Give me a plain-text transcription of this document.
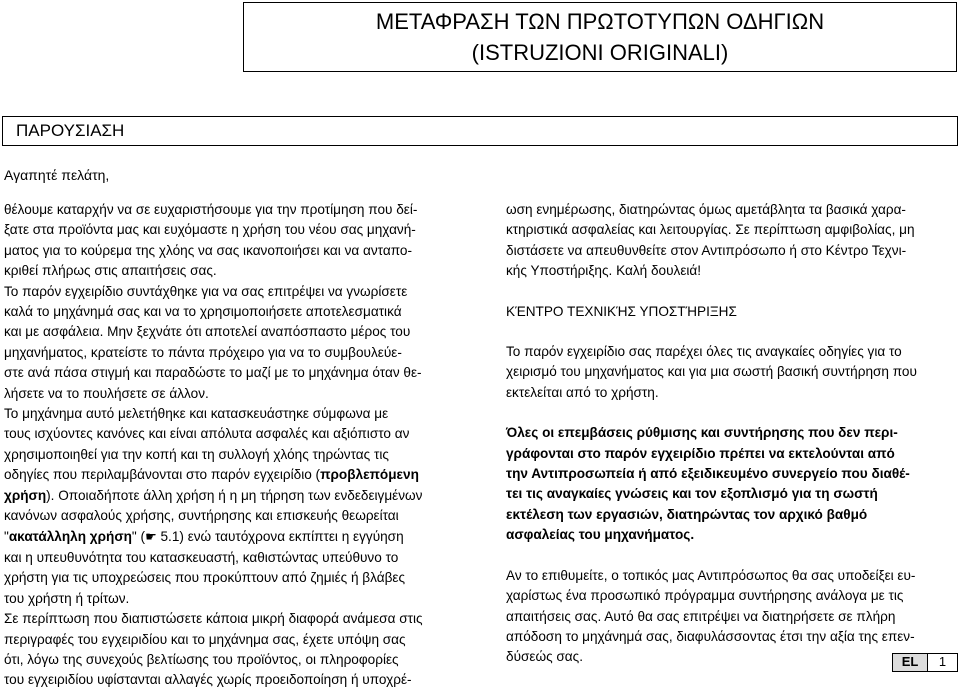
ΜΕΤΑΦΡΑΣΗ ΤΩΝ ΠΡΩΤΟΤΥΠΩΝ ΟΔΗΓΙΩΝ
(ISTRUZIONI ORIGINALI)
ΠΑΡΟΥΣΙΑΣΗ
Αγαπητέ πελάτη,

θέλουμε καταρχήν να σε ευχαριστήσουμε για την προτίμηση που δεί-
ξατε στα προϊόντα μας και ευχόμαστε η χρήση του νέου σας μηχανή-
ματος για το κούρεμα της χλόης να σας ικανοποιήσει και να ανταπο-
κριθεί πλήρως στις απαιτήσεις σας.

Το παρόν εγχειρίδιο συντάχθηκε για να σας επιτρέψει να γνωρίσετε
καλά το μηχάνημά σας και να το χρησιμοποιήσετε αποτελεσματικά
και με ασφάλεια. Μην ξεχνάτε ότι αποτελεί αναπόσπαστο μέρος του
μηχανήματος, κρατείστε το πάντα πρόχειρο για να το συμβουλεύε-
στε ανά πάσα στιγμή και παραδώστε το μαζί με το μηχάνημα όταν θε-
λήσετε να το πουλήσετε σε άλλον.

Το μηχάνημα αυτό μελετήθηκε και κατασκευάστηκε σύμφωνα με
τους ισχύοντες κανόνες και είναι απόλυτα ασφαλές και αξιόπιστο αν
χρησιμοποιηθεί για την κοπή και τη συλλογή χλόης τηρώντας τις
οδηγίες που περιλαμβάνονται στο παρόν εγχειρίδιο (προβλεπόμενη
χρήση). Οποιαδήποτε άλλη χρήση ή η μη τήρηση των ενδεδειγμένων
κανόνων ασφαλούς χρήσης, συντήρησης και επισκευής θεωρείται
"ακατάλληλη χρήση" (☛ 5.1) ενώ ταυτόχρονα εκπίπτει η εγγύηση
και η υπευθυνότητα του κατασκευαστή, καθιστώντας υπεύθυνο το
χρήστη για τις υποχρεώσεις που προκύπτουν από ζημιές ή βλάβες
του χρήστη ή τρίτων.

Σε περίπτωση που διαπιστώσετε κάποια μικρή διαφορά ανάμεσα στις
περιγραφές του εγχειριδίου και το μηχάνημα σας, έχετε υπόψη σας
ότι, λόγω της συνεχούς βελτίωσης του προϊόντος, οι πληροφορίες
του εγχειριδίου υφίστανται αλλαγές χωρίς προειδοποίηση ή υποχρέ-

ωση ενημέρωσης, διατηρώντας όμως αμετάβλητα τα βασικά χαρα-
κτηριστικά ασφαλείας και λειτουργίας. Σε περίπτωση αμφιβολίας, μη
διστάσετε να απευθυνθείτε στον Αντιπρόσωπο ή στο Κέντρο Τεχνι-
κής Υποστήριξης. Καλή δουλειά!

ΚΈΝΤΡΟ ΤΕΧΝΙΚΉΣ ΥΠΟΣΤΉΡΙΞΗΣ

Το παρόν εγχειρίδιο σας παρέχει όλες τις αναγκαίες οδηγίες για το
χειρισμό του μηχανήματος και για μια σωστή βασική συντήρηση που
εκτελείται από το χρήστη.

Όλες οι επεμβάσεις ρύθμισης και συντήρησης που δεν περι-
γράφονται στο παρόν εγχειρίδιο πρέπει να εκτελούνται από
την Αντιπροσωπεία ή από εξειδικευμένο συνεργείο που διαθέ-
τει τις αναγκαίες γνώσεις και τον εξοπλισμό για τη σωστή
εκτέλεση των εργασιών, διατηρώντας τον αρχικό βαθμό
ασφαλείας του μηχανήματος.

Αν το επιθυμείτε, ο τοπικός μας Αντιπρόσωπος θα σας υποδείξει ευ-
χαρίστως ένα προσωπικό πρόγραμμα συντήρησης ανάλογα με τις
απαιτήσεις σας. Αυτό θα σας επιτρέψει να διατηρήσετε σε πλήρη
απόδοση το μηχάνημά σας, διαφυλάσσοντας έτσι την αξία της επεν-
δύσεώς σας.	EL	1
